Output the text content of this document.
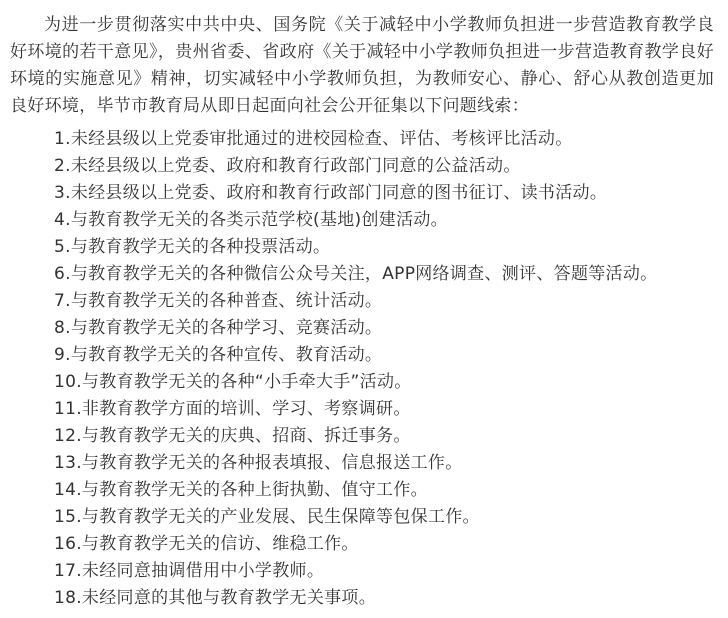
为进一步贯彻落实中共中央、国务院《关于减轻中小学教师负担进一步营造教育教学良好环境的若干意见》，贵州省委、省政府《关于减轻中小学教师负担进一步营造教育教学良好环境的实施意见》精神，切实减轻中小学教师负担，为教师安心、静心、舒心从教创造更加良好环境，毕节市教育局从即日起面向社会公开征集以下问题线索：

1.未经县级以上党委审批通过的进校园检查、评估、考核评比活动。
2.未经县级以上党委、政府和教育行政部门同意的公益活动。
3.未经县级以上党委、政府和教育行政部门同意的图书征订、读书活动。
4.与教育教学无关的各类示范学校(基地)创建活动。
5.与教育教学无关的各种投票活动。
6.与教育教学无关的各种微信公众号关注，APP网络调查、测评、答题等活动。
7.与教育教学无关的各种普查、统计活动。
8.与教育教学无关的各种学习、竞赛活动。
9.与教育教学无关的各种宣传、教育活动。
10.与教育教学无关的各种“小手牵大手”活动。
11.非教育教学方面的培训、学习、考察调研。
12.与教育教学无关的庆典、招商、拆迁事务。
13.与教育教学无关的各种报表填报、信息报送工作。
14.与教育教学无关的各种上街执勤、值守工作。
15.与教育教学无关的产业发展、民生保障等包保工作。
16.与教育教学无关的信访、维稳工作。
17.未经同意抽调借用中小学教师。
18.未经同意的其他与教育教学无关事项。
